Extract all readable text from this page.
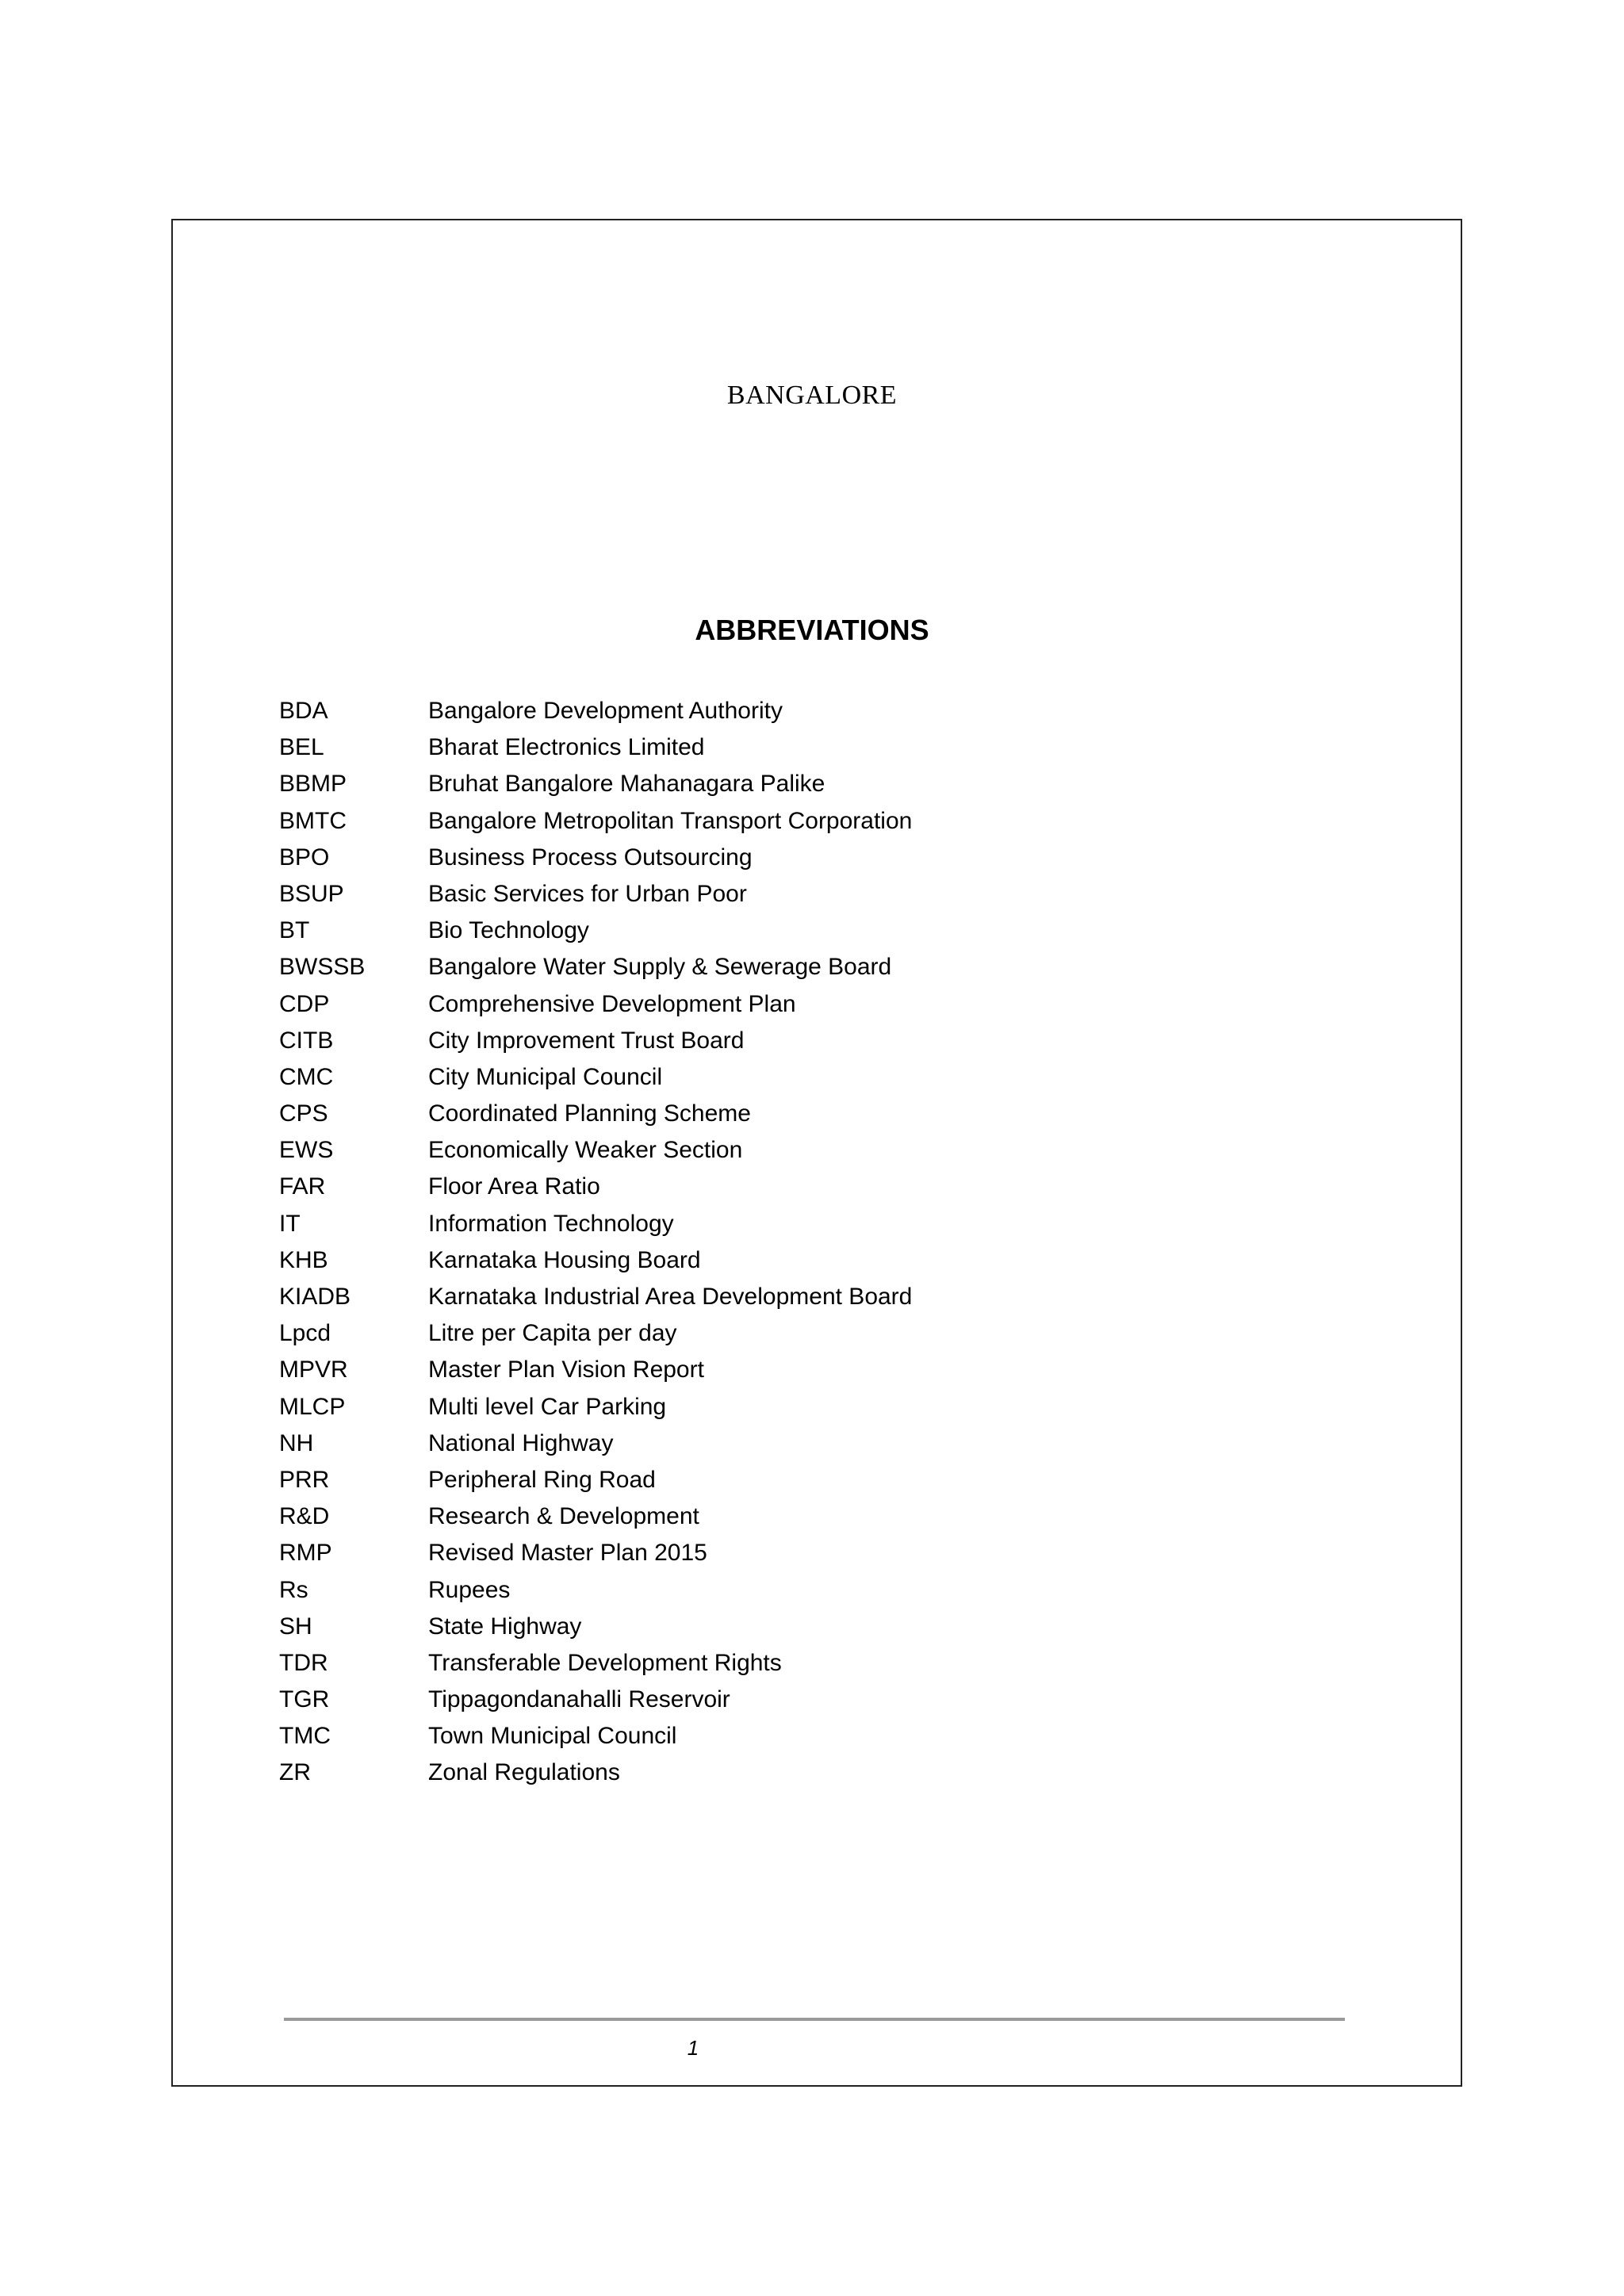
BANGALORE
ABBREVIATIONS
BDA	Bangalore Development Authority
BEL	Bharat Electronics Limited
BBMP	Bruhat Bangalore Mahanagara Palike
BMTC	Bangalore Metropolitan Transport Corporation
BPO	Business Process Outsourcing
BSUP	Basic Services for Urban Poor
BT	Bio Technology
BWSSB	Bangalore Water Supply & Sewerage Board
CDP	Comprehensive Development Plan
CITB	City Improvement Trust Board
CMC	City Municipal Council
CPS	Coordinated Planning Scheme
EWS	Economically Weaker Section
FAR	Floor Area Ratio
IT	Information Technology
KHB	Karnataka Housing Board
KIADB	Karnataka Industrial Area Development Board
Lpcd	Litre per Capita per day
MPVR	Master Plan Vision Report
MLCP	Multi level Car Parking
NH	National Highway
PRR	Peripheral Ring Road
R&D	Research & Development
RMP	Revised Master Plan 2015
Rs	Rupees
SH	State Highway
TDR	Transferable Development Rights
TGR	Tippagondanahalli Reservoir
TMC	Town Municipal Council
ZR	Zonal Regulations
1
